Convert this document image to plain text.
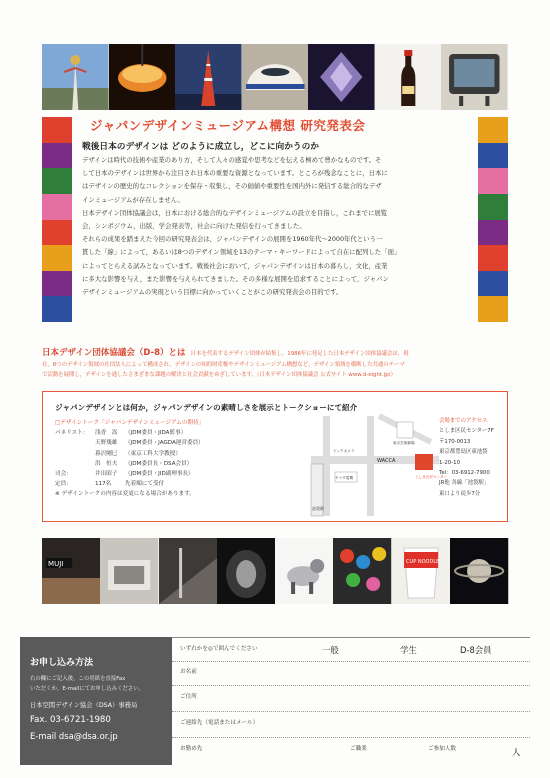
ジャパンデザインミュージアム構想 研究発表会
戦後日本のデザインは どのように成立し，どこに向かうのか

デザインは時代の技術や産業のあり方，そして人々の感覚や思考などを伝える極めて豊かなものです。そ

して日本のデザインは世界から注目され日本の重要な資源となっています。ところが残念なことに，日本に

はデザインの歴史的なコレクションを保存・収集し，その価値や重要性を国内外に発信する総合的なデザ

インミュージアムが存在しません。

日本デザイン団体協議会は，日本における総合的なデザインミュージアムの設立を目指し，これまでに展覧

会，シンポジウム，出版，学会発表等，社会に向けた発信を行ってきました。

それらの成果を踏まえた今回の研究発表会は，ジャパンデザインの展開を1960年代〜2000年代という一

貫した「線」によって，あるいは8つのデザイン領域を13のテーマ・キーワードによって自在に配列した「面」

によってとらえる試みとなっています。戦後社会において，ジャパンデザインは日本の暮らし，文化，産業

に多大な影響を与え，また影響を与えられてきました。その多様な展開を追求することによって，ジャパン

デザインミュージアムの実現という目標に向かっていくことがこの研究発表会の目的です。

日本デザイン団体協議会（D-8）とは 日本を代表するデザイン団体が結集し，1986年に発足した日本デザイン団体協議会は，現
在，8つのデザイン領域の社団法人によって構成され，デザインの知的財産権やデザインミュージアム構想など，デザイン領域を横断した共通のテーマ
で活動を展開し，デザインを通したさまざまな課題の解決と社会貢献をめざしています。（日本デザイン団体協議会 公式サイト www.d-eight.jp/）
ジャパンデザインとは何か，ジャパンデザインの素晴しさを展示とトークショーにて紹介
□デザイントーク「ジャパンデザインミュージアムの期待」
パネリスト： 浅香　嵩 （JDM委員・JIDA監事）
天野幾雄 （JDM委員・JAGDA運営委員）
暮沢剛巳 （東京工科大学教授）
洪　恒夫 （JDM委員長・DSA会員）
司会：	井出昭子 （JDM委員・JID副理事長）
定員：	117名 先着順にて受付
※ デザイントークの内容は変更になる場合があります。
WACCA
としま区民センター
ビックカメラ
ヤマダ電機
池袋駅
東京芸術劇場
会場までのアクセス
としま区民センター7F
〒170-0013
東京都豊島区東池袋
1-20-10
Tel：03-6912-7900
JR他 各線「池袋駅」
東口より徒歩7分
MUJI	CUP NOODLE
お申し込み方法
右の欄にご記入後，この用紙を直接Fax
いただくか，E-mailにてお申し込みください。
日本空間デザイン協会（DSA）事務局
Fax. 03-6721-1980
E-mail dsa@dsa.or.jp
いずれかを◎で囲んでください	一般	学生	D-8会員
お名前
ご住所
ご連絡先（電話またはメール）
お勤め先	ご職業	ご参加人数	人
